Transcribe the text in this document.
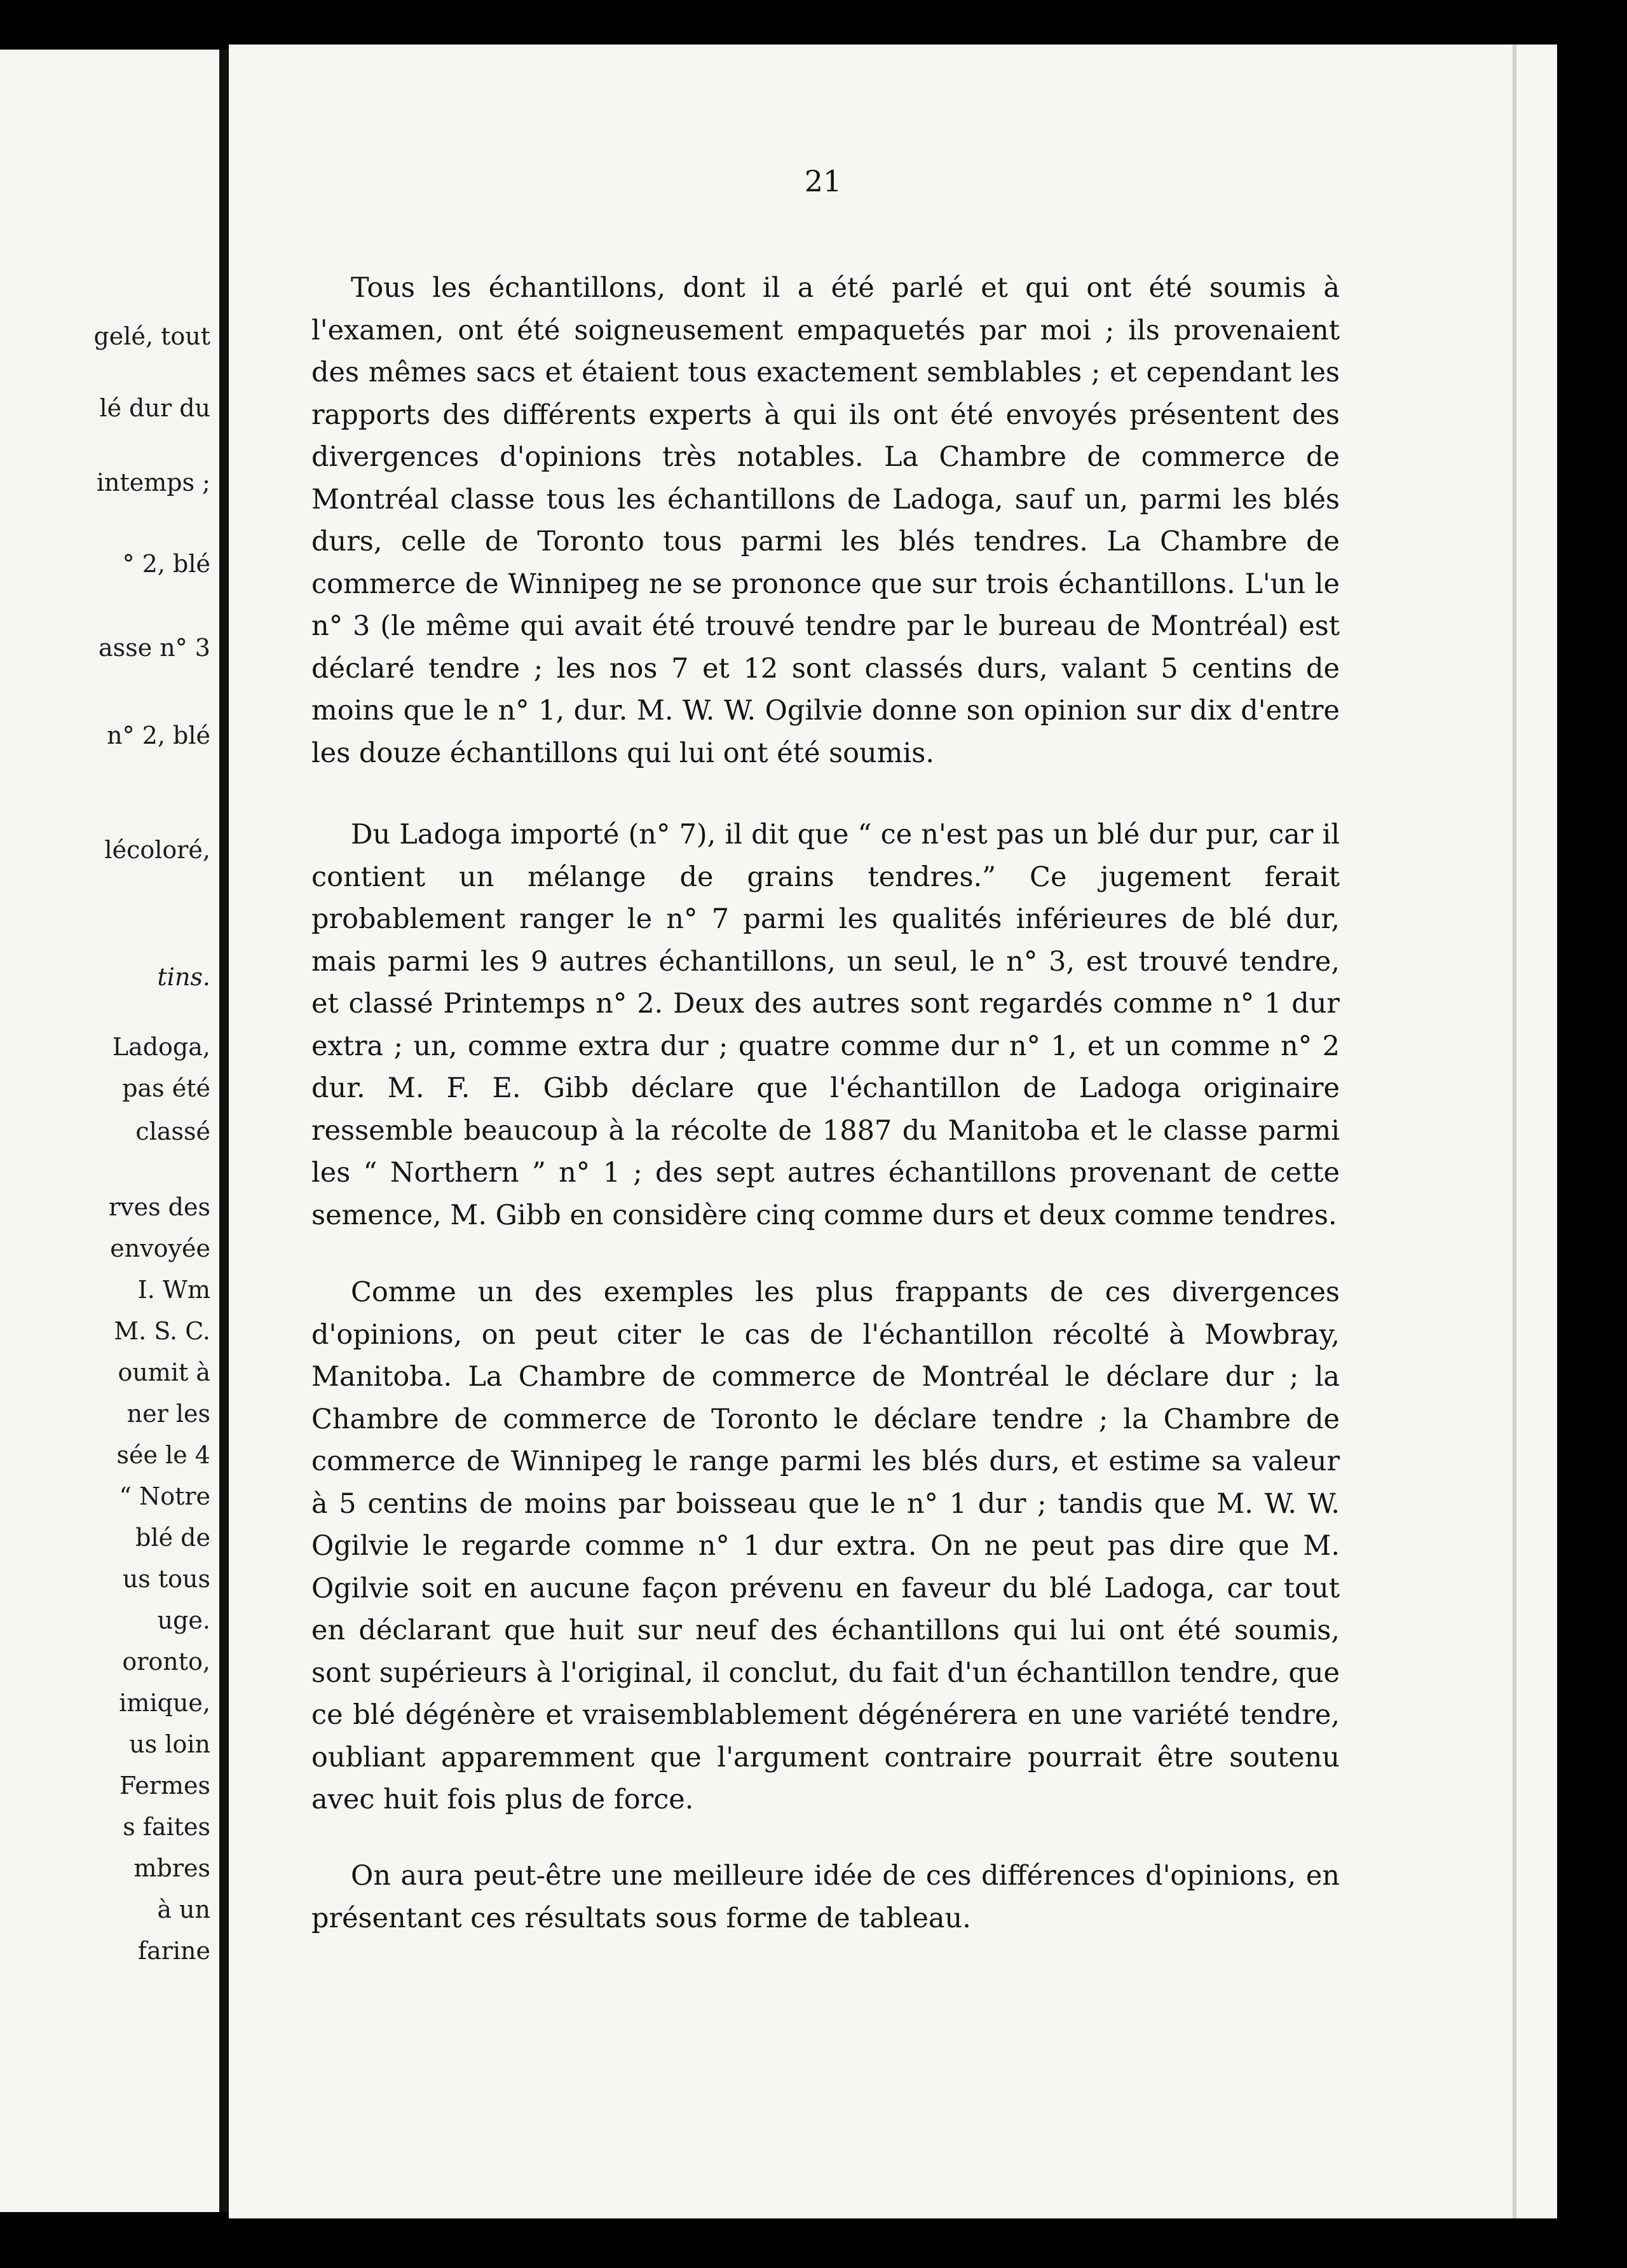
gelé, tout

lé dur du

intemps ;

° 2, blé

asse n° 3

n° 2, blé

lécoloré,

tins.

Ladoga,

pas été

classé

rves des

envoyée

I. Wm

M. S. C.

oumit à

ner les

sée le 4

“ Notre

blé de

us tous

uge.

oronto,

imique,

us loin

Fermes

s faites

mbres

à un

farine

21

Tous les échantillons, dont il a été parlé et qui ont été soumis à l'examen, ont été soigneusement empaquetés par moi ; ils provenaient des mêmes sacs et étaient tous exactement semblables ; et cependant les rapports des différents experts à qui ils ont été envoyés présentent des divergences d'opinions très notables. La Chambre de commerce de Montréal classe tous les échantillons de Ladoga, sauf un, parmi les blés durs, celle de Toronto tous parmi les blés tendres. La Chambre de commerce de Winnipeg ne se prononce que sur trois échantillons. L'un le n° 3 (le même qui avait été trouvé tendre par le bureau de Montréal) est déclaré tendre ; les nos 7 et 12 sont classés durs, valant 5 centins de moins que le n° 1, dur. M. W. W. Ogilvie donne son opinion sur dix d'entre les douze échantillons qui lui ont été soumis.

Du Ladoga importé (n° 7), il dit que “ ce n'est pas un blé dur pur, car il contient un mélange de grains tendres.” Ce jugement ferait probablement ranger le n° 7 parmi les qualités inférieures de blé dur, mais parmi les 9 autres échantillons, un seul, le n° 3, est trouvé tendre, et classé Printemps n° 2. Deux des autres sont regardés comme n° 1 dur extra ; un, comme extra dur ; quatre comme dur n° 1, et un comme n° 2 dur. M. F. E. Gibb déclare que l'échantillon de Ladoga originaire ressemble beaucoup à la récolte de 1887 du Manitoba et le classe parmi les “ Northern ” n° 1 ; des sept autres échantillons provenant de cette semence, M. Gibb en considère cinq comme durs et deux comme tendres.

Comme un des exemples les plus frappants de ces divergences d'opinions, on peut citer le cas de l'échantillon récolté à Mowbray, Manitoba. La Chambre de commerce de Montréal le déclare dur ; la Chambre de commerce de Toronto le déclare tendre ; la Chambre de commerce de Winnipeg le range parmi les blés durs, et estime sa valeur à 5 centins de moins par boisseau que le n° 1 dur ; tandis que M. W. W. Ogilvie le regarde comme n° 1 dur extra. On ne peut pas dire que M. Ogilvie soit en aucune façon prévenu en faveur du blé Ladoga, car tout en déclarant que huit sur neuf des échantillons qui lui ont été soumis, sont supérieurs à l'original, il conclut, du fait d'un échantillon tendre, que ce blé dégénère et vraisemblablement dégénérera en une variété tendre, oubliant apparemment que l'argument contraire pourrait être soutenu avec huit fois plus de force.

On aura peut-être une meilleure idée de ces différences d'opinions, en présentant ces résultats sous forme de tableau.
